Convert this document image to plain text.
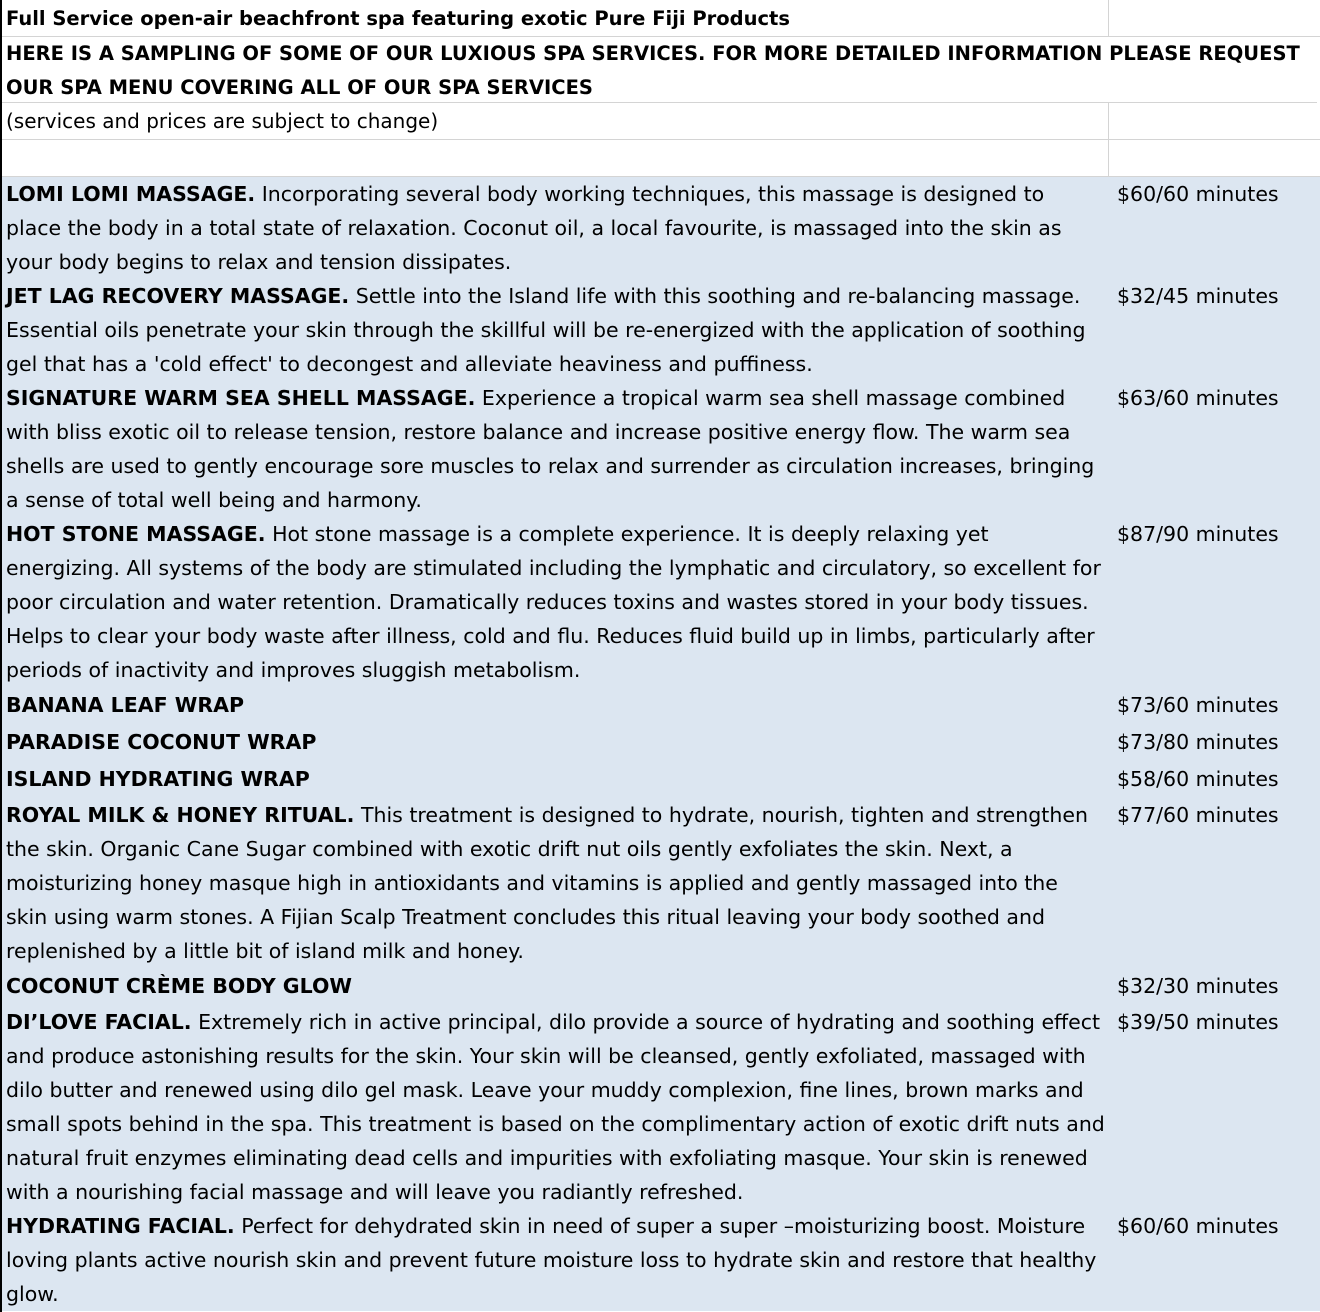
Full Service open-air beachfront spa featuring exotic Pure Fiji Products
HERE IS A SAMPLING OF SOME OF OUR LUXIOUS SPA SERVICES. FOR MORE DETAILED INFORMATION PLEASE REQUEST OUR SPA MENU COVERING ALL OF OUR SPA SERVICES
(services and prices are subject to change)
LOMI LOMI MASSAGE. Incorporating several body working techniques, this massage is designed to place the body in a total state of relaxation. Coconut oil, a local favourite, is massaged into the skin as your body begins to relax and tension dissipates.
$60/60 minutes
JET LAG RECOVERY MASSAGE. Settle into the Island life with this soothing and re-balancing massage. Essential oils penetrate your skin through the skillful will be re-energized with the application of soothing gel that has a 'cold effect' to decongest and alleviate heaviness and puffiness.
$32/45 minutes
SIGNATURE WARM SEA SHELL MASSAGE. Experience a tropical warm sea shell massage combined with bliss exotic oil to release tension, restore balance and increase positive energy flow. The warm sea shells are used to gently encourage sore muscles to relax and surrender as circulation increases, bringing a sense of total well being and harmony.
$63/60 minutes
HOT STONE MASSAGE. Hot stone massage is a complete experience. It is deeply relaxing yet energizing. All systems of the body are stimulated including the lymphatic and circulatory, so excellent for poor circulation and water retention. Dramatically reduces toxins and wastes stored in your body tissues. Helps to clear your body waste after illness, cold and flu. Reduces fluid build up in limbs, particularly after periods of inactivity and improves sluggish metabolism.
$87/90 minutes
BANANA LEAF WRAP	$73/60 minutes
PARADISE COCONUT WRAP	$73/80 minutes
ISLAND HYDRATING WRAP	$58/60 minutes
ROYAL MILK & HONEY RITUAL. This treatment is designed to hydrate, nourish, tighten and strengthen the skin. Organic Cane Sugar combined with exotic drift nut oils gently exfoliates the skin. Next, a moisturizing honey masque high in antioxidants and vitamins is applied and gently massaged into the skin using warm stones. A Fijian Scalp Treatment concludes this ritual leaving your body soothed and replenished by a little bit of island milk and honey.
$77/60 minutes
COCONUT CRÈME BODY GLOW	$32/30 minutes
DI’LOVE FACIAL. Extremely rich in active principal, dilo provide a source of hydrating and soothing effect and produce astonishing results for the skin. Your skin will be cleansed, gently exfoliated, massaged with dilo butter and renewed using dilo gel mask. Leave your muddy complexion, fine lines, brown marks and small spots behind in the spa. This treatment is based on the complimentary action of exotic drift nuts and natural fruit enzymes eliminating dead cells and impurities with exfoliating masque. Your skin is renewed with a nourishing facial massage and will leave you radiantly refreshed.
$39/50 minutes
HYDRATING FACIAL. Perfect for dehydrated skin in need of super a super –moisturizing boost. Moisture loving plants active nourish skin and prevent future moisture loss to hydrate skin and restore that healthy glow.
$60/60 minutes
